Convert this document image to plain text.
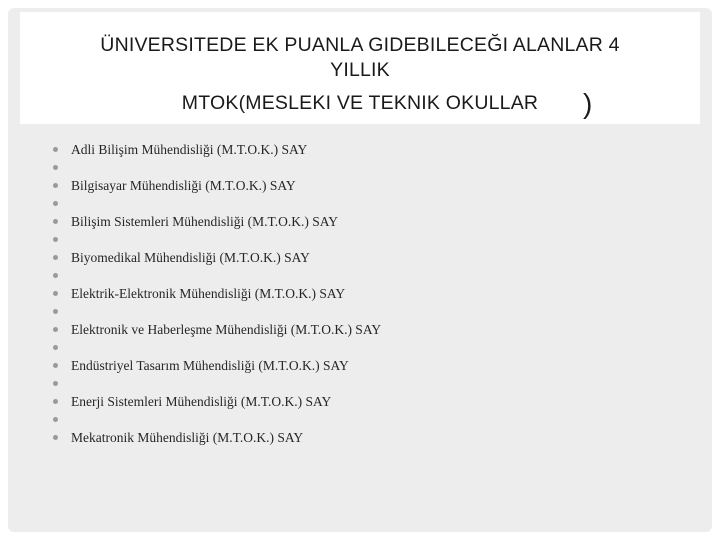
ÜNIVERSITEDE EK PUANLA GIDEBILECEĞI ALANLAR 4
YILLIK
MTOK(MESLEKI VE TEKNIK OKULLAR	)
Adli Bilişim Mühendisliği (M.T.O.K.) SAY
Bilgisayar Mühendisliği (M.T.O.K.) SAY
Bilişim Sistemleri Mühendisliği (M.T.O.K.) SAY
Biyomedikal Mühendisliği (M.T.O.K.) SAY
Elektrik-Elektronik Mühendisliği (M.T.O.K.) SAY
Elektronik ve Haberleşme Mühendisliği (M.T.O.K.) SAY
Endüstriyel Tasarım Mühendisliği (M.T.O.K.) SAY
Enerji Sistemleri Mühendisliği (M.T.O.K.) SAY
Mekatronik Mühendisliği (M.T.O.K.) SAY
